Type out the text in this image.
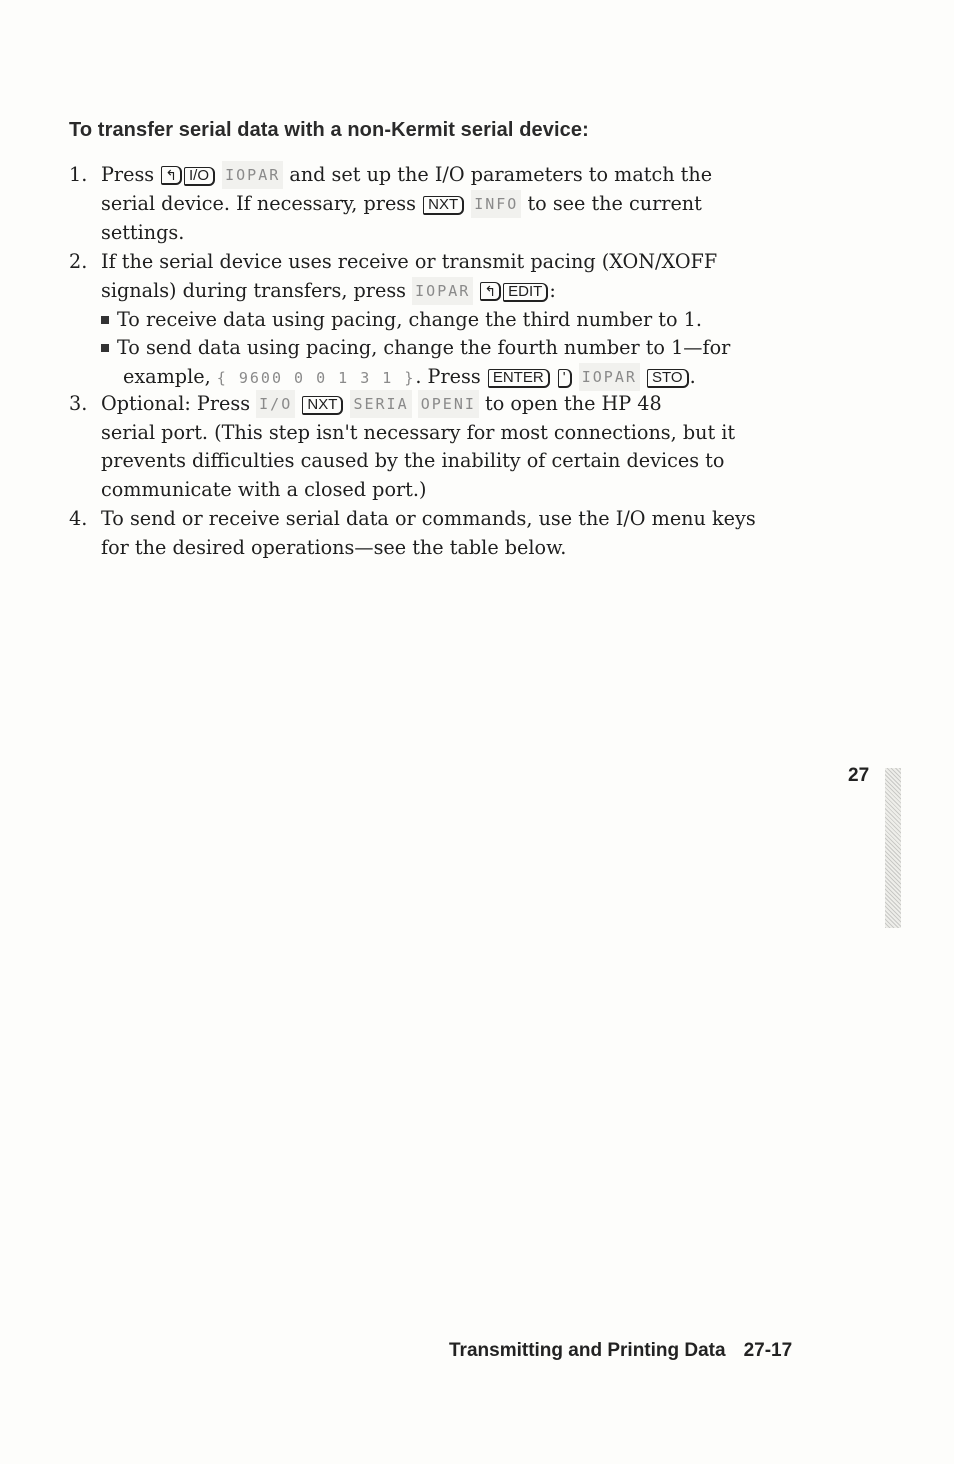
To transfer serial data with a non-Kermit serial device:
1. Press ↰ I/O IOPAR and set up the I/O parameters to match the
serial device. If necessary, press NXT INFO to see the current
settings.
2. If the serial device uses receive or transmit pacing (XON/XOFF
signals) during transfers, press IOPAR ↰ EDIT :
To receive data using pacing, change the third number to 1.
To send data using pacing, change the fourth number to 1—for
example, { 9600 0 0 1 3 1 }. Press ENTER ' IOPAR STO .
3. Optional: Press I/O NXT SERIA OPENI to open the HP 48
serial port. (This step isn't necessary for most connections, but it
prevents difficulties caused by the inability of certain devices to
communicate with a closed port.)
4. To send or receive serial data or commands, use the I/O menu keys
for the desired operations—see the table below.
27
Transmitting and Printing Data 27-17
